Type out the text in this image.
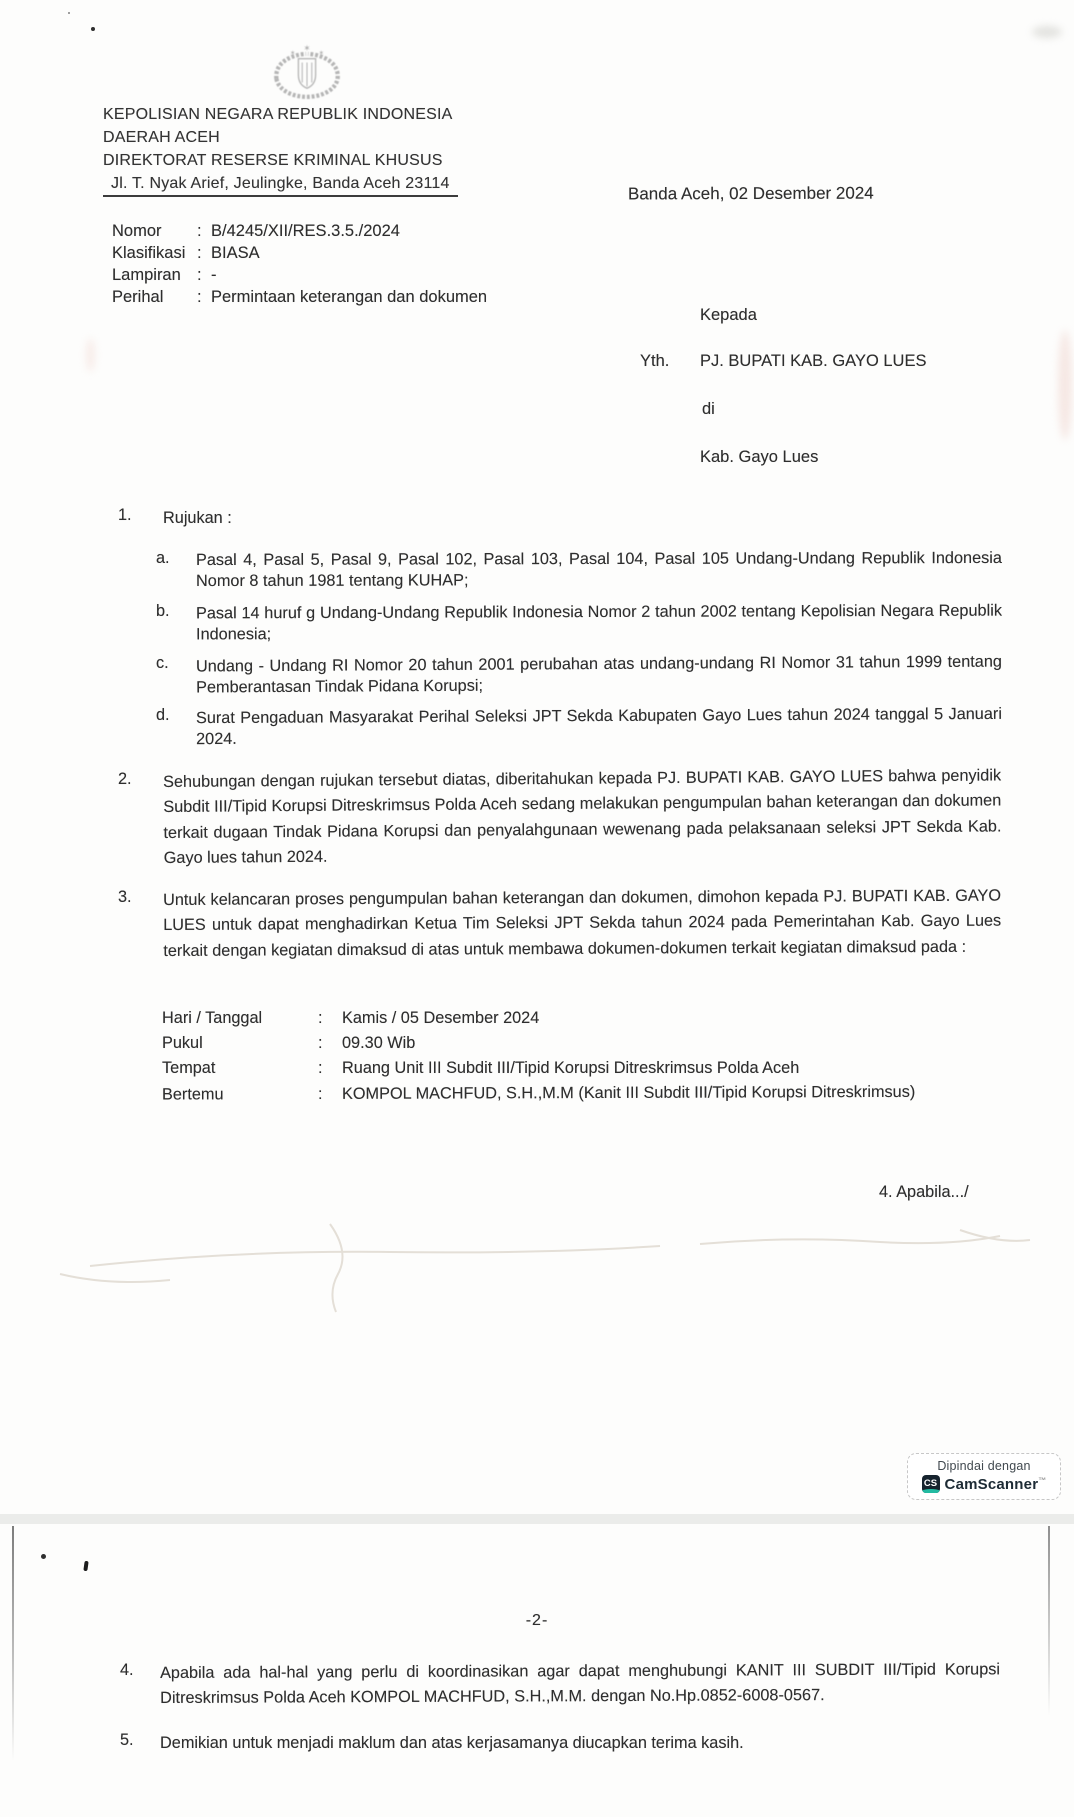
✶
✶	✶
KEPOLISIAN NEGARA REPUBLIK INDONESIA
DAERAH ACEH
DIREKTORAT RESERSE KRIMINAL KHUSUS
Jl. T. Nyak Arief, Jeulingke, Banda Aceh 23114
Banda Aceh, 02 Desember 2024
Nomor : B/4245/XII/RES.3.5./2024
Klasifikasi : BIASA
Lampiran : -
Perihal : Permintaan keterangan dan dokumen
Kepada
Yth. PJ. BUPATI KAB. GAYO LUES
di
Kab. Gayo Lues
1. Rujukan :
a. Pasal 4, Pasal 5, Pasal 9, Pasal 102, Pasal 103, Pasal 104, Pasal 105 Undang-Undang Republik Indonesia Nomor 8 tahun 1981 tentang KUHAP;
b. Pasal 14 huruf g Undang-Undang Republik Indonesia Nomor 2 tahun 2002 tentang Kepolisian Negara Republik Indonesia;
c. Undang - Undang RI Nomor 20 tahun 2001 perubahan atas undang-undang RI Nomor 31 tahun 1999 tentang Pemberantasan Tindak Pidana Korupsi;
d. Surat Pengaduan Masyarakat Perihal Seleksi JPT Sekda Kabupaten Gayo Lues tahun 2024 tanggal 5 Januari 2024.
2. Sehubungan dengan rujukan tersebut diatas, diberitahukan kepada PJ. BUPATI KAB. GAYO LUES bahwa penyidik Subdit III/Tipid Korupsi Ditreskrimsus Polda Aceh sedang melakukan pengumpulan bahan keterangan dan dokumen terkait dugaan Tindak Pidana Korupsi dan penyalahgunaan wewenang pada pelaksanaan seleksi JPT Sekda Kab. Gayo lues tahun 2024.
3. Untuk kelancaran proses pengumpulan bahan keterangan dan dokumen, dimohon kepada PJ. BUPATI KAB. GAYO LUES untuk dapat menghadirkan Ketua Tim Seleksi JPT Sekda tahun 2024 pada Pemerintahan Kab. Gayo Lues terkait dengan kegiatan dimaksud di atas untuk membawa dokumen-dokumen terkait kegiatan dimaksud pada :
Hari / Tanggal	: Kamis / 05 Desember 2024
Pukul	: 09.30 Wib
Tempat	: Ruang Unit III Subdit III/Tipid Korupsi Ditreskrimsus Polda Aceh
Bertemu	: KOMPOL MACHFUD, S.H.,M.M (Kanit III Subdit III/Tipid Korupsi Ditreskrimsus)
4. Apabila.../
Dipindai dengan
CS CamScanner™
-2-
4. Apabila ada hal-hal yang perlu di koordinasikan agar dapat menghubungi KANIT III SUBDIT III/Tipid Korupsi Ditreskrimsus Polda Aceh KOMPOL MACHFUD, S.H.,M.M. dengan No.Hp.0852-6008-0567.
5. Demikian untuk menjadi maklum dan atas kerjasamanya diucapkan terima kasih.
